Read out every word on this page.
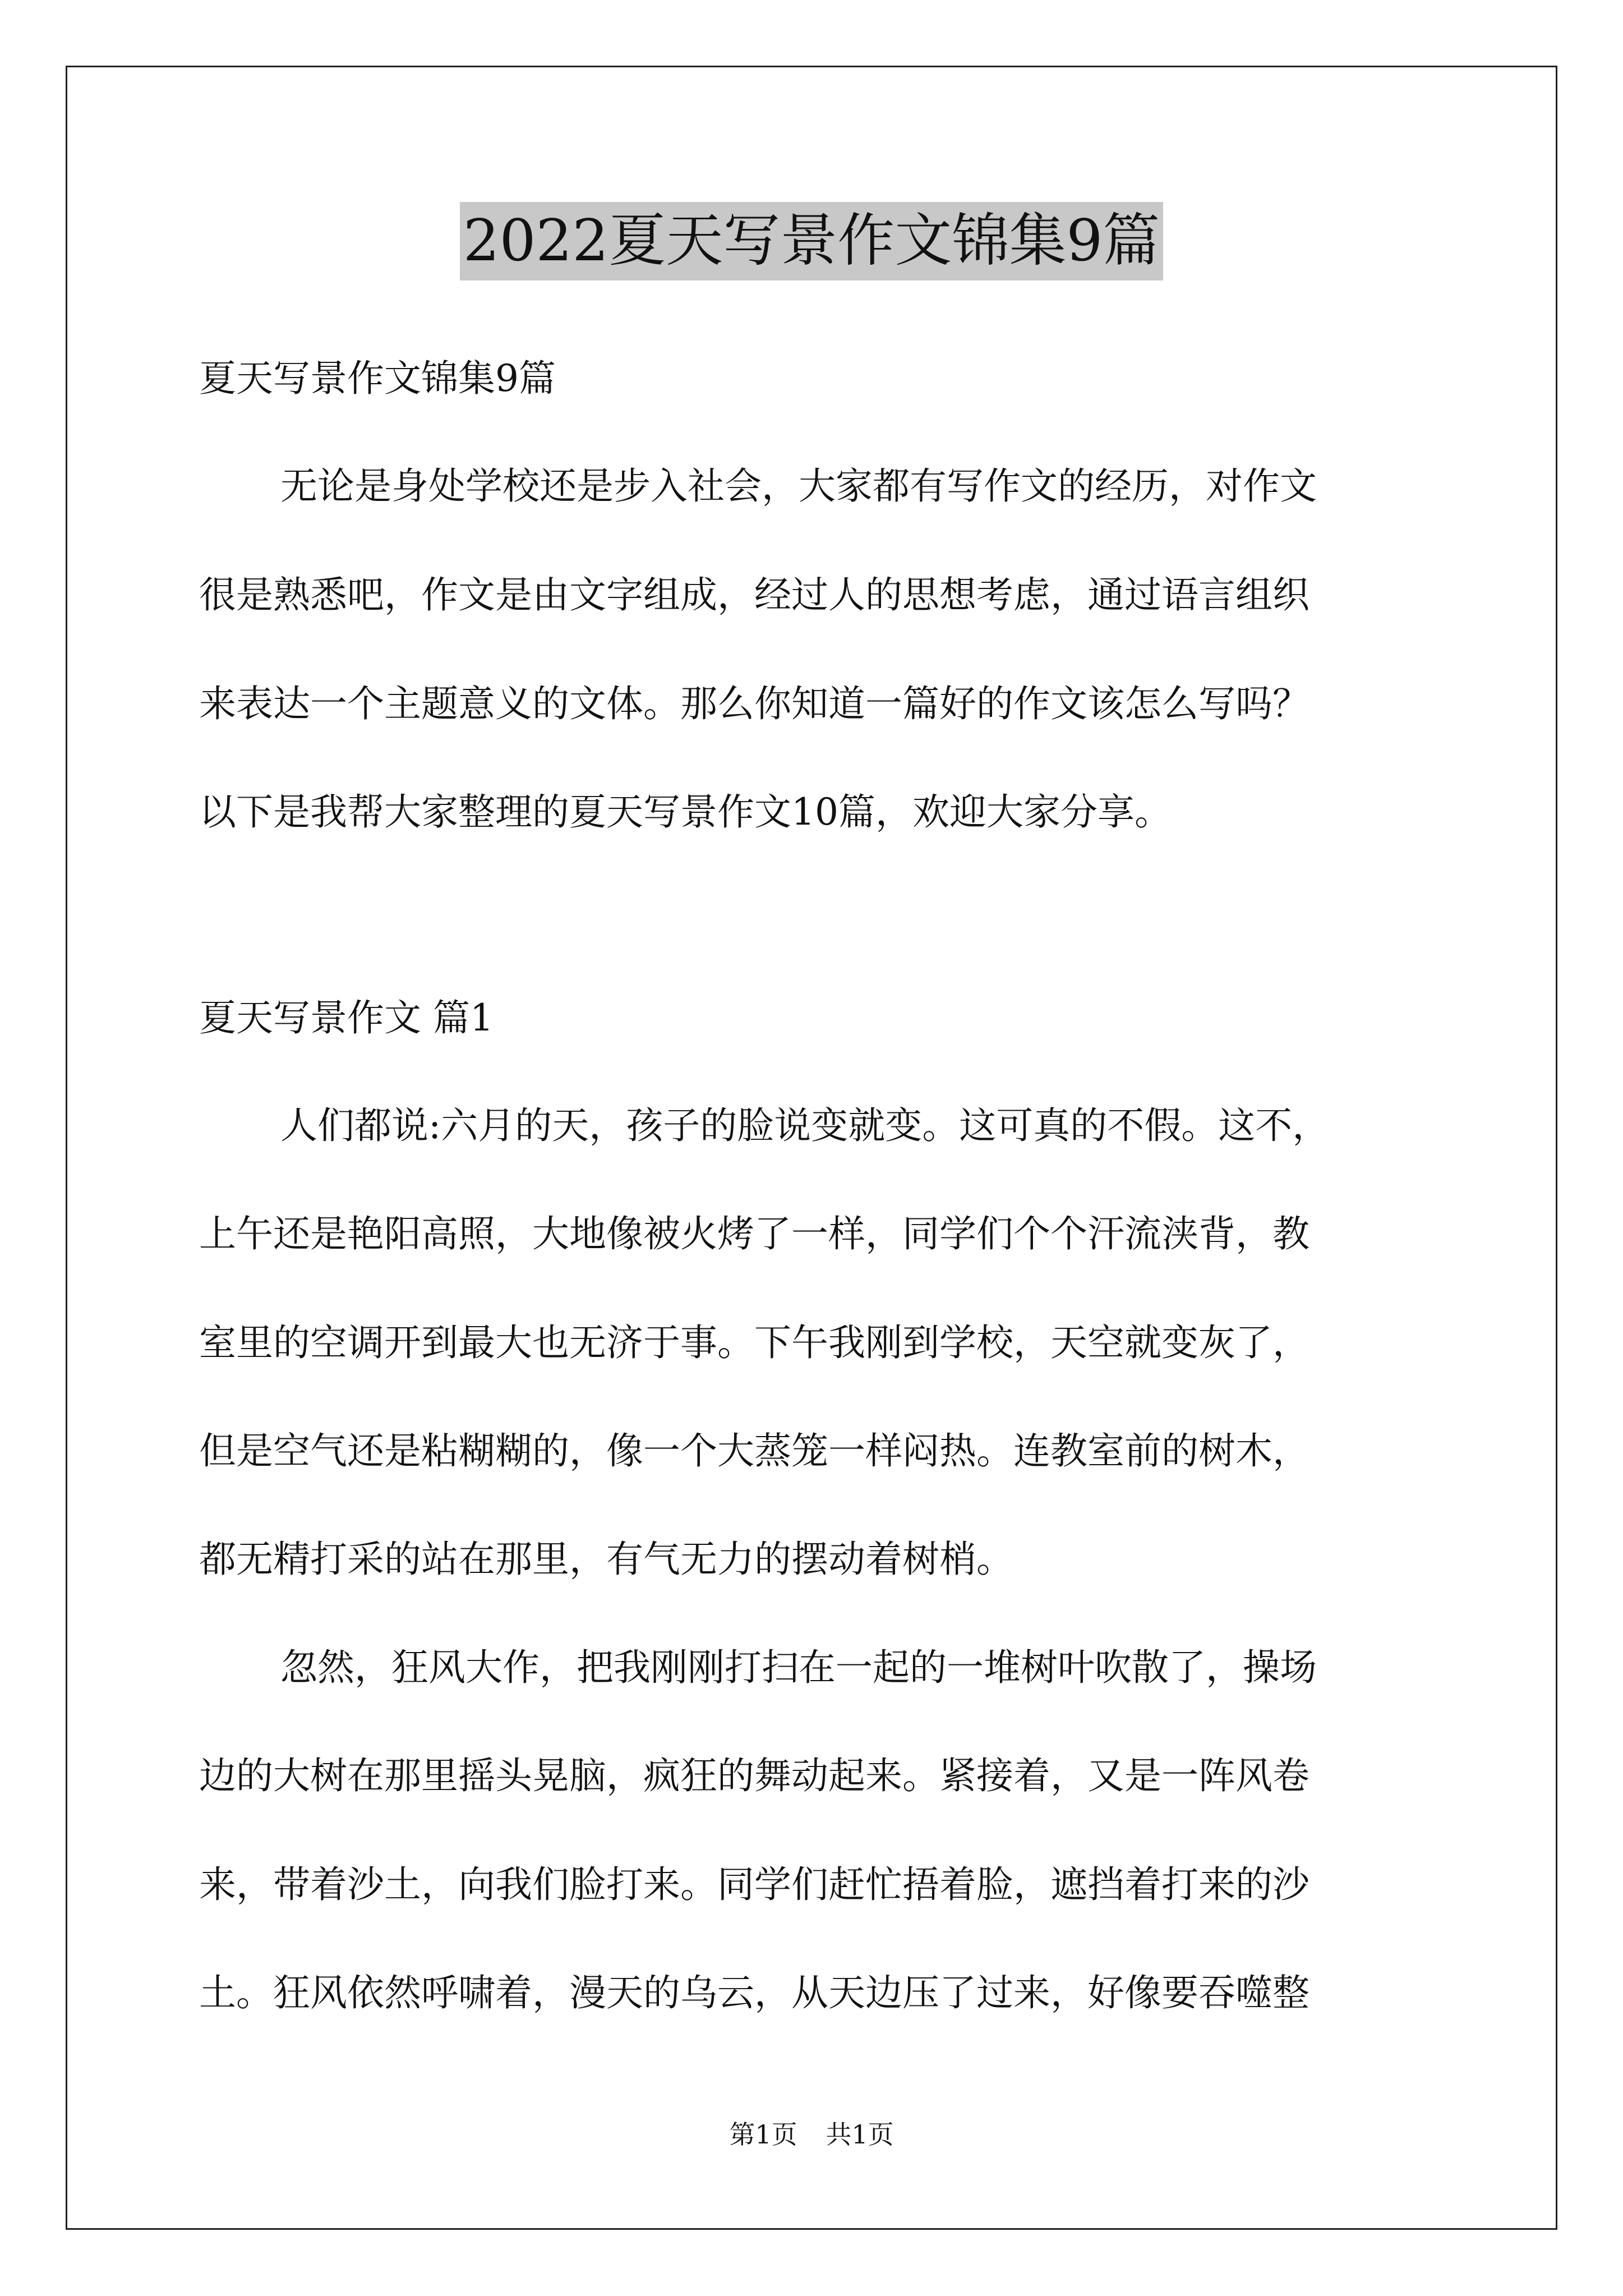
2022夏天写景作文锦集9篇
夏天写景作文锦集9篇
无论是身处学校还是步入社会，大家都有写作文的经历，对作文
很是熟悉吧，作文是由文字组成，经过人的思想考虑，通过语言组织
来表达一个主题意义的文体。那么你知道一篇好的作文该怎么写吗？
以下是我帮大家整理的夏天写景作文10篇，欢迎大家分享。
夏天写景作文 篇1
人们都说:六月的天，孩子的脸说变就变。这可真的不假。这不，
上午还是艳阳高照，大地像被火烤了一样，同学们个个汗流浃背，教
室里的空调开到最大也无济于事。下午我刚到学校，天空就变灰了，
但是空气还是粘糊糊的，像一个大蒸笼一样闷热。连教室前的树木，
都无精打采的站在那里，有气无力的摆动着树梢。
忽然，狂风大作，把我刚刚打扫在一起的一堆树叶吹散了，操场
边的大树在那里摇头晃脑，疯狂的舞动起来。紧接着，又是一阵风卷
来，带着沙土，向我们脸打来。同学们赶忙捂着脸，遮挡着打来的沙
土。狂风依然呼啸着，漫天的乌云，从天边压了过来，好像要吞噬整
第1页 共1页
